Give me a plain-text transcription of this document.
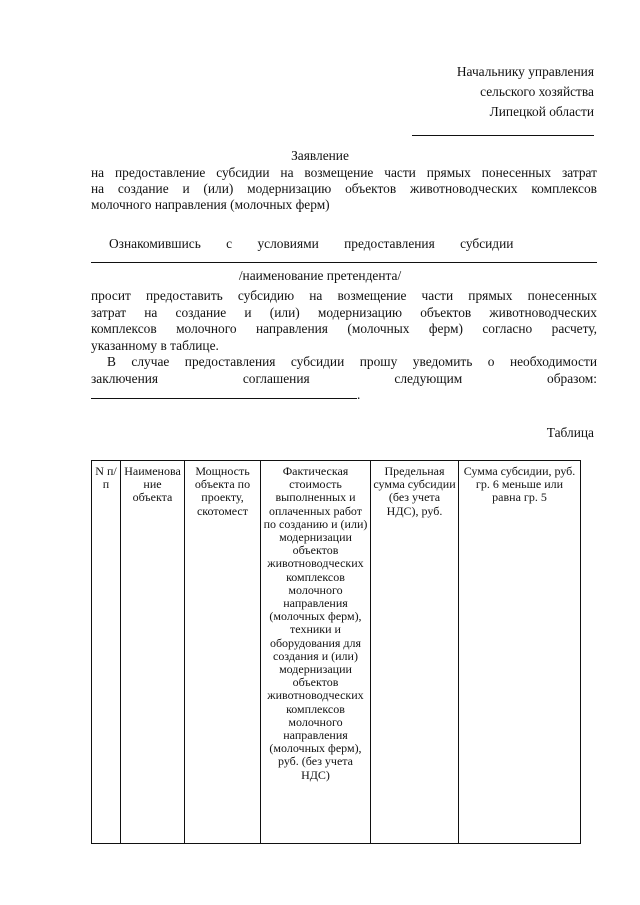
Начальнику управления
сельского хозяйства
Липецкой области
Заявление
на предоставление субсидии на возмещение части прямых понесенных затрат
на создание и (или) модернизацию объектов животноводческих комплексов
молочного направления (молочных ферм)
Ознакомившись с условиями предоставления субсидии
/наименование претендента/

просит предоставить субсидию на возмещение части прямых понесенных

затрат на создание и (или) модернизацию объектов животноводческих

комплексов молочного направления (молочных ферм) согласно расчету,

указанному в таблице.

В случае предоставления субсидии прошу уведомить о необходимости

заключения соглашения следующим образом:

.

Таблица
N п/п	Наименование объекта	Мощность объекта по проекту, скотомест	Фактическая стоимость выполненных и оплаченных работ по созданию и (или) модернизации объектов животноводческих комплексов молочного направления (молочных ферм), техники и оборудования для создания и (или) модернизации объектов животноводческих комплексов молочного направления (молочных ферм), руб. (без учета НДС)	Предельная сумма субсидии (без учета НДС), руб.	Сумма субсидии, руб. гр. 6 меньше или равна гр. 5
